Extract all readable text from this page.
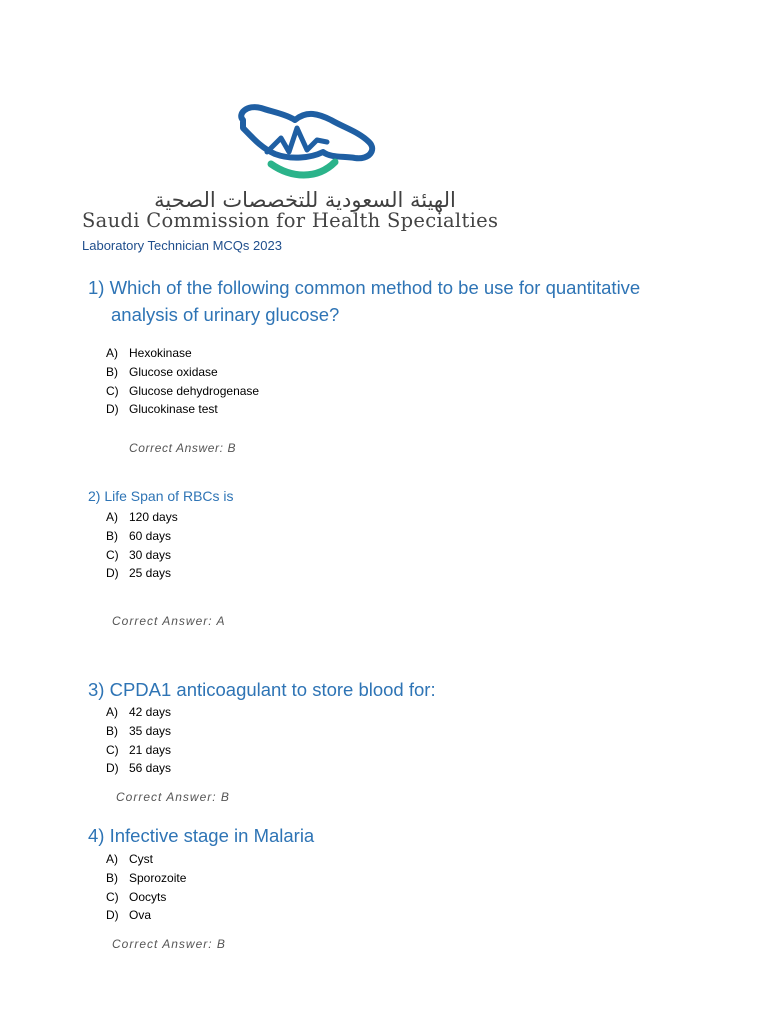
الهيئة السعودية للتخصصات الصحية
Saudi Commission for Health Specialties
Laboratory Technician MCQs 2023
1) Which of the following common method to be use for quantitative
analysis of urinary glucose?
A) Hexokinase
B) Glucose oxidase
C) Glucose dehydrogenase
D) Glucokinase test
Correct Answer: B
2) Life Span of RBCs is
A) 120 days
B) 60 days
C) 30 days
D) 25 days
Correct Answer: A
3) CPDA1 anticoagulant to store blood for:
A) 42 days
B) 35 days
C) 21 days
D) 56 days
Correct Answer: B
4) Infective stage in Malaria
A) Cyst
B) Sporozoite
C) Oocyts
D) Ova
Correct Answer: B
